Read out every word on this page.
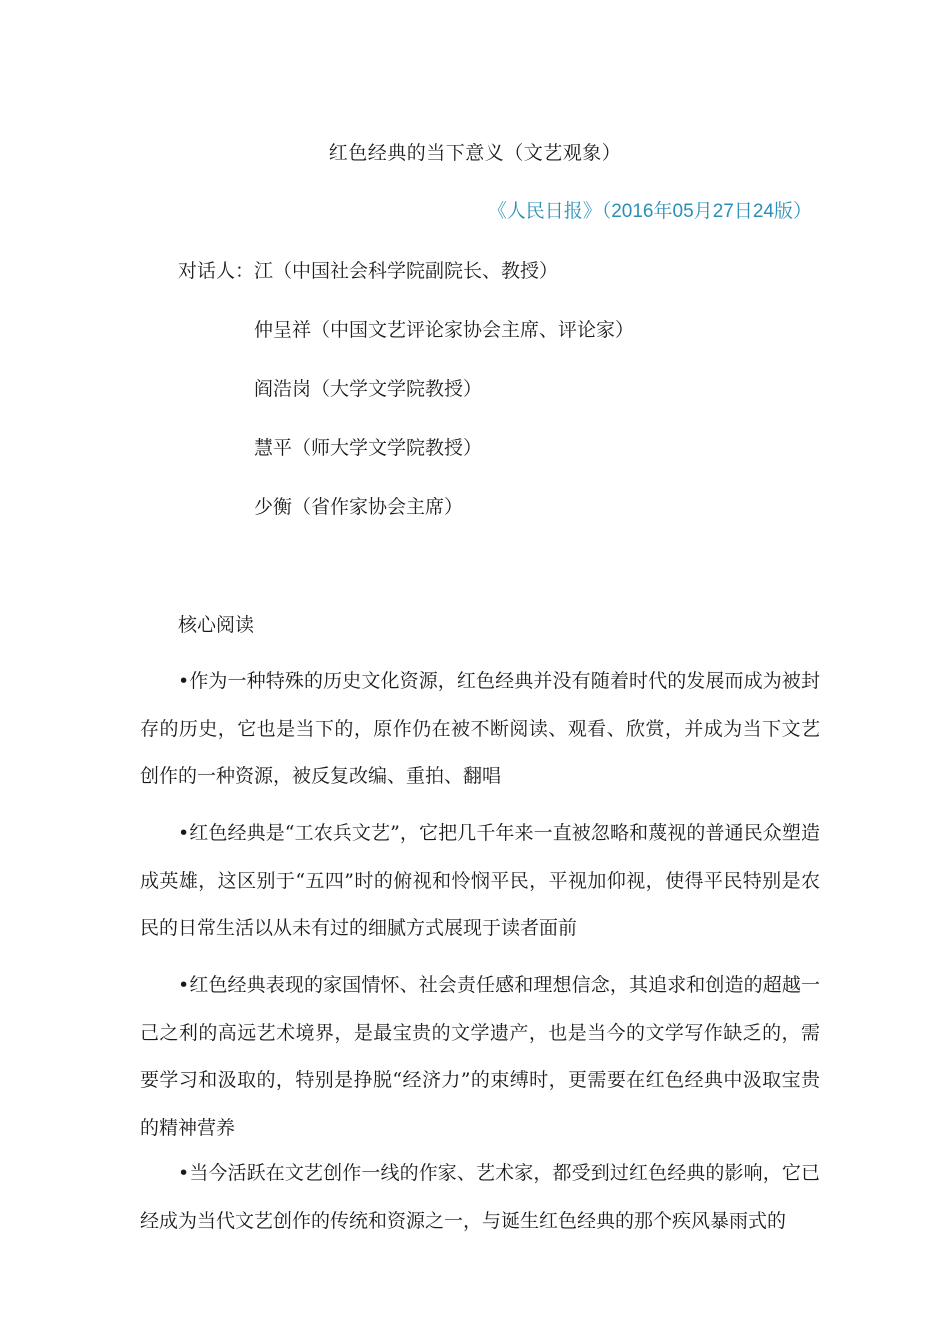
红色经典的当下意义（文艺观象）
《人民日报》（2016年05月27日24版）
对话人：江（中国社会科学院副院长、教授）
仲呈祥（中国文艺评论家协会主席、评论家）
阎浩岗（大学文学院教授）
慧平（师大学文学院教授）
少衡（省作家协会主席）
核心阅读
•作为一种特殊的历史文化资源，红色经典并没有随着时代的发展而成为被封存的历史，它也是当下的，原作仍在被不断阅读、观看、欣赏，并成为当下文艺创作的一种资源，被反复改编、重拍、翻唱
•红色经典是“工农兵文艺”，它把几千年来一直被忽略和蔑视的普通民众塑造成英雄，这区别于“五四”时的俯视和怜悯平民，平视加仰视，使得平民特别是农民的日常生活以从未有过的细腻方式展现于读者面前
•红色经典表现的家国情怀、社会责任感和理想信念，其追求和创造的超越一己之利的高远艺术境界，是最宝贵的文学遗产，也是当今的文学写作缺乏的，需要学习和汲取的，特别是挣脱“经济力”的束缚时，更需要在红色经典中汲取宝贵的精神营养
•当今活跃在文艺创作一线的作家、艺术家，都受到过红色经典的影响，它已经成为当代文艺创作的传统和资源之一，与诞生红色经典的那个疾风暴雨式的
